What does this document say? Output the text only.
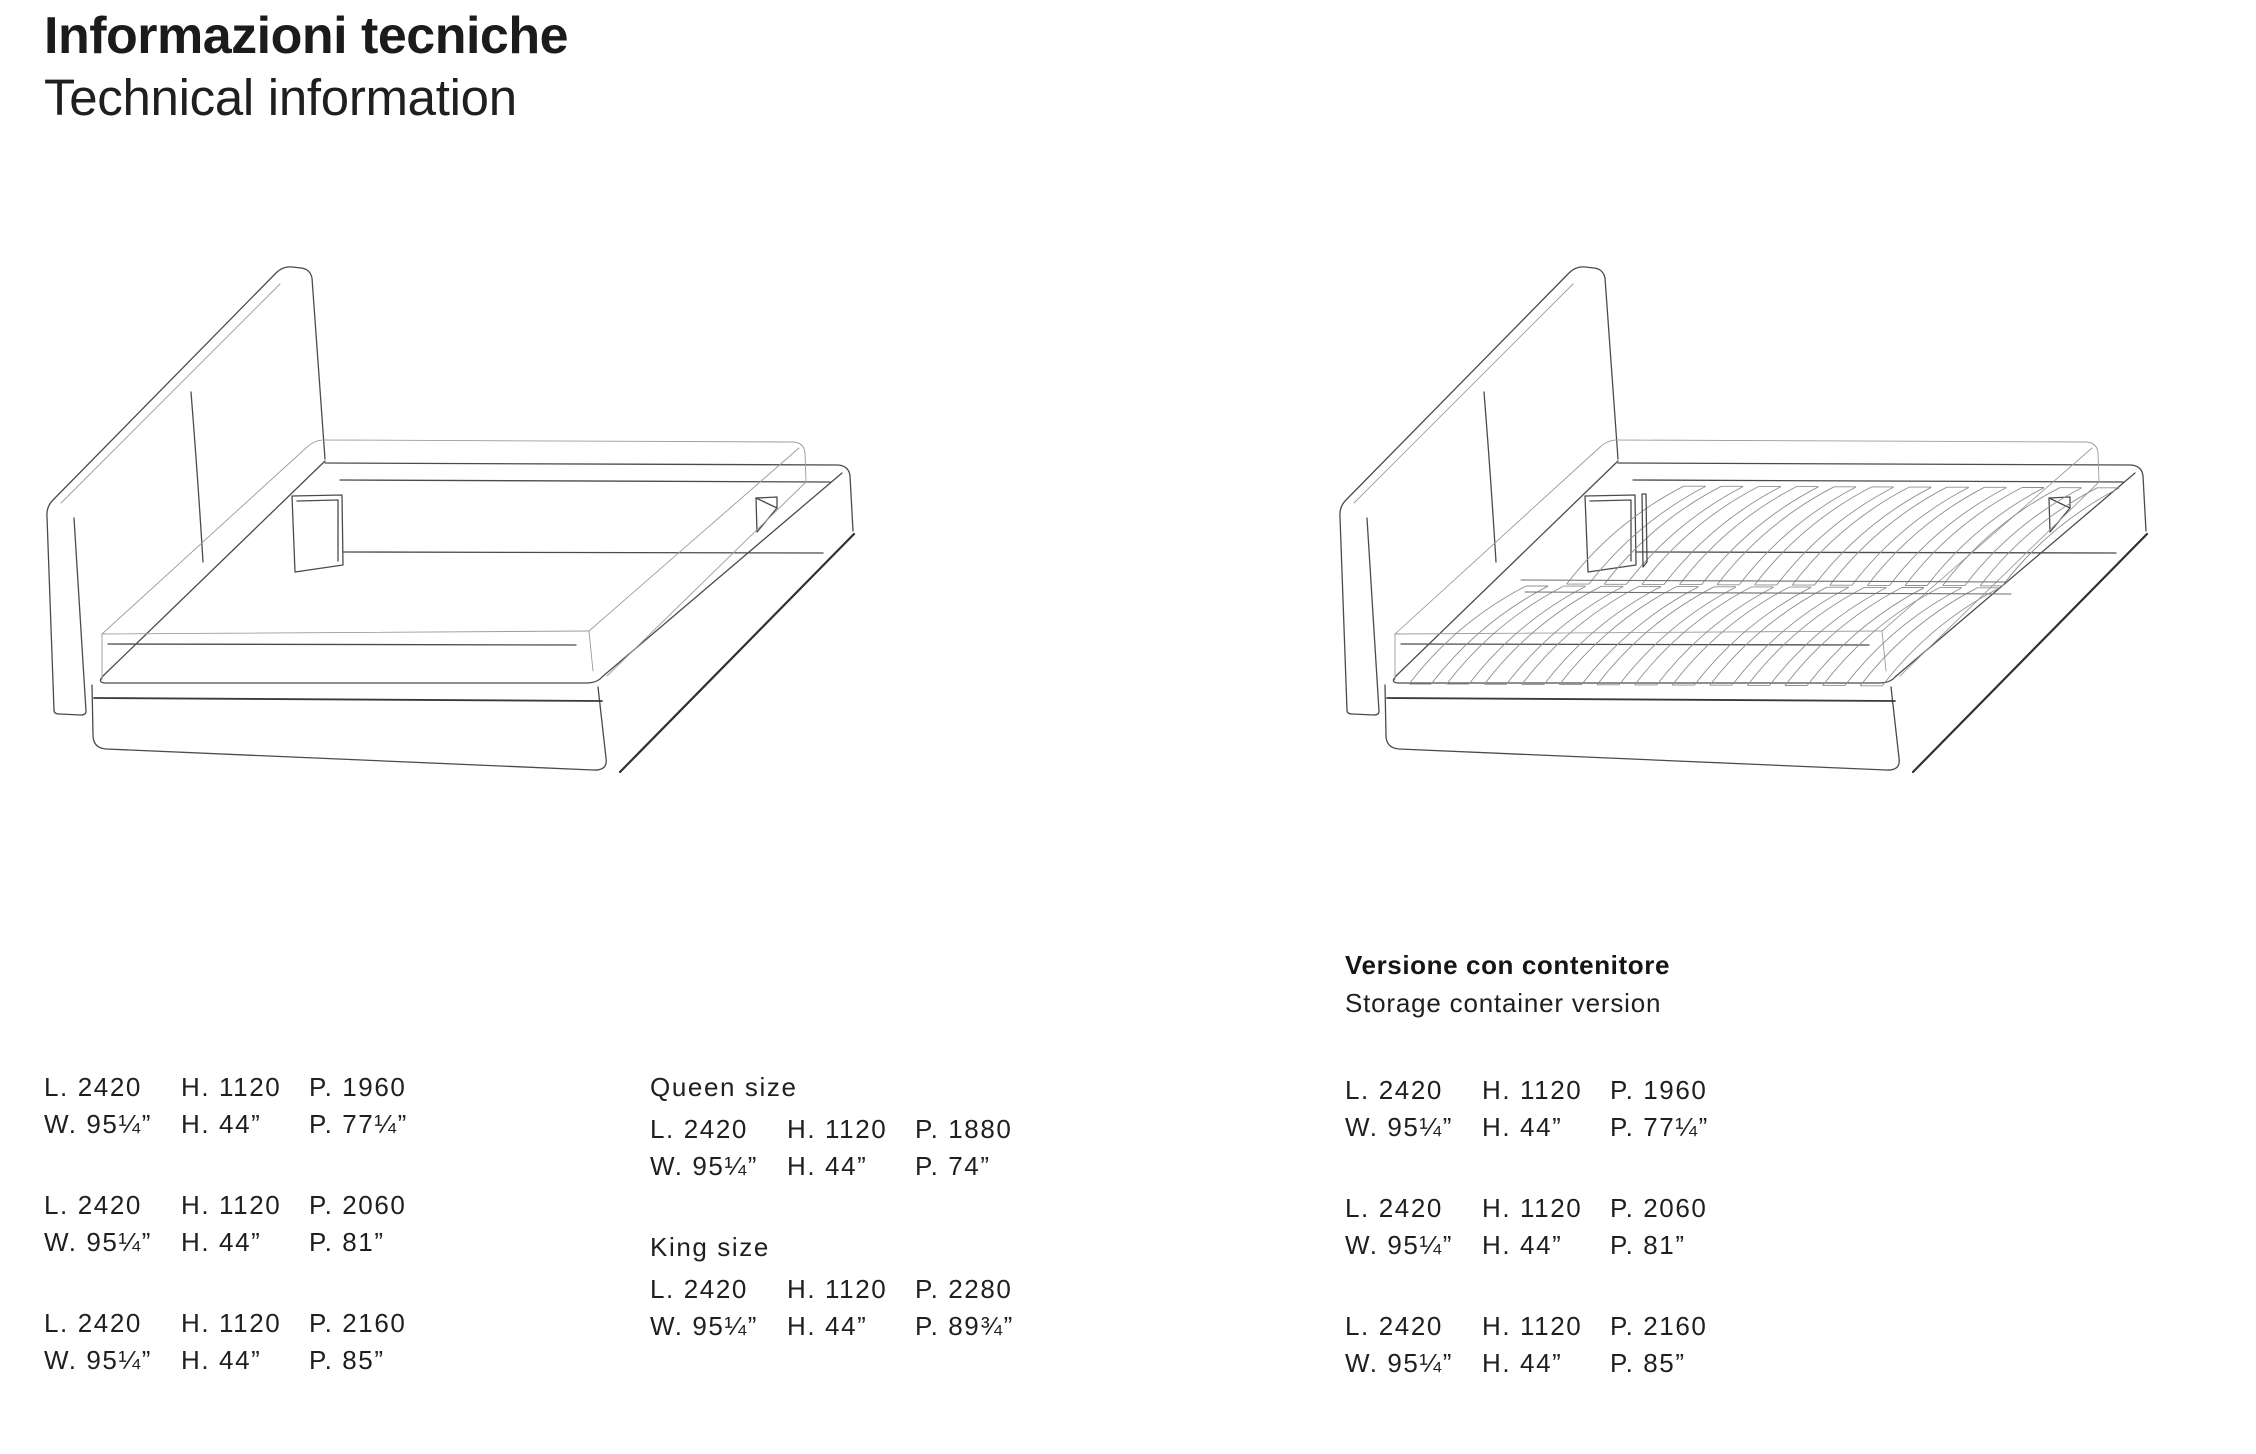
Informazioni tecniche
Technical information
L. 2420 H. 1120 P. 1960
W. 95¼” H. 44” P. 77¼”
L. 2420 H. 1120 P. 2060
W. 95¼” H. 44” P. 81”
L. 2420 H. 1120 P. 2160
W. 95¼” H. 44” P. 85”
Queen size
L. 2420 H. 1120 P. 1880
W. 95¼” H. 44” P. 74”
King size
L. 2420 H. 1120 P. 2280
W. 95¼” H. 44” P. 89¾”
Versione con contenitore
Storage container version
L. 2420 H. 1120 P. 1960
W. 95¼” H. 44” P. 77¼”
L. 2420 H. 1120 P. 2060
W. 95¼” H. 44” P. 81”
L. 2420 H. 1120 P. 2160
W. 95¼” H. 44” P. 85”
